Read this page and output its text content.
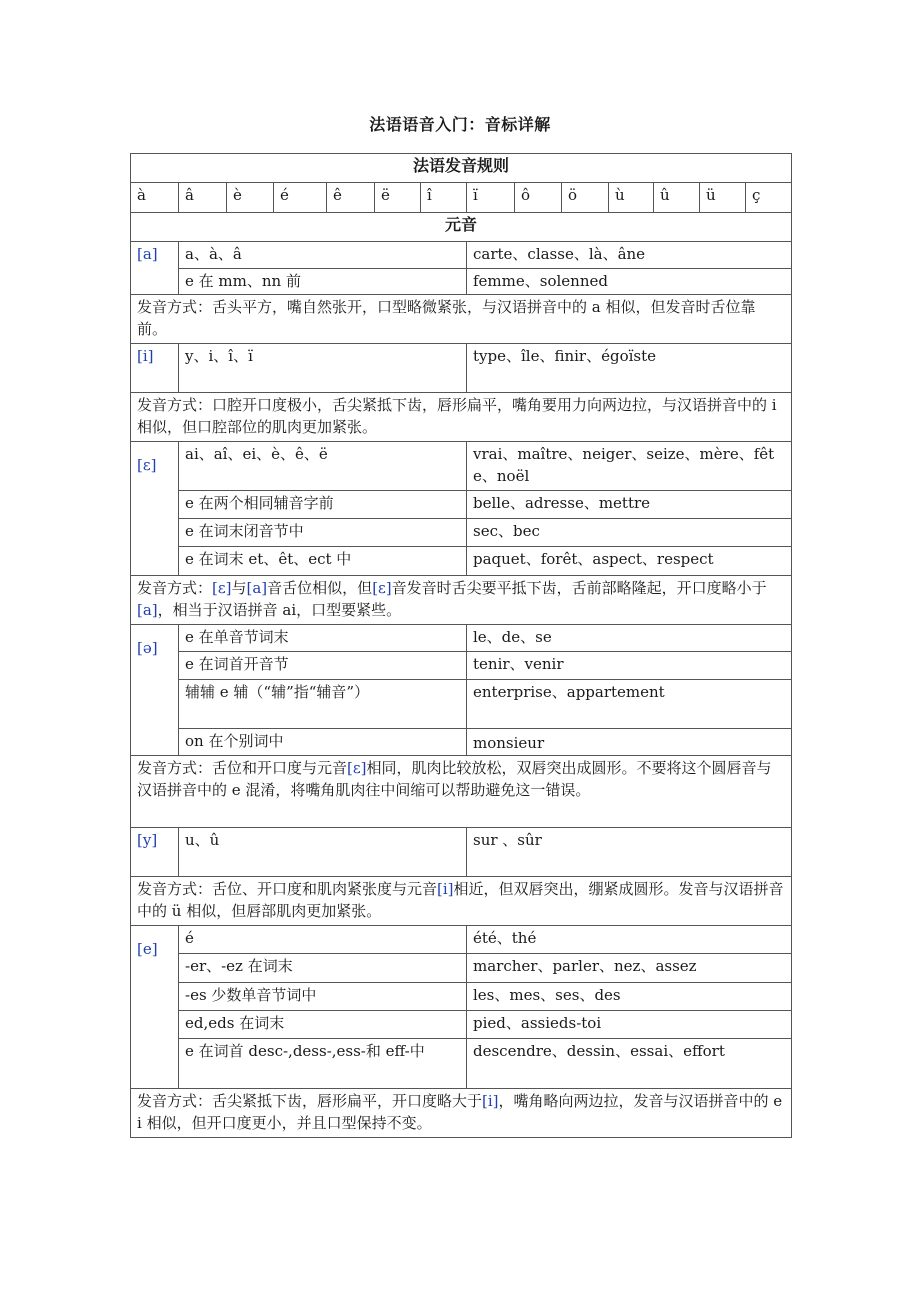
法语语音入门：音标详解
法语发音规则													
à	â	è	é	ê	ë	î	ï	ô	ö	ù	û	ü	ç
元音													
[a]	a、à、â						carte、classe、là、âne						
	e 在 mm、nn 前						femme、solenned						
发音方式：舌头平方，嘴自然张开，口型略微紧张，与汉语拼音中的 a 相似，但发音时舌位靠前。													
[i]	y、i、î、ï						type、île、finir、égoïste						
发音方式：口腔开口度极小，舌尖紧抵下齿，唇形扁平，嘴角要用力向两边拉，与汉语拼音中的 i 相似，但口腔部位的肌肉更加紧张。													
[ε]	ai、aî、ei、è、ê、ë						vrai、maître、neiger、seize、mère、fête、noël						
	e 在两个相同辅音字前						belle、adresse、mettre						
	e 在词末闭音节中						sec、bec						
	e 在词末 et、êt、ect 中						paquet、forêt、aspect、respect						
发音方式：[ε]与[a]音舌位相似，但[ε]音发音时舌尖要平抵下齿，舌前部略隆起，开口度略小于[a]，相当于汉语拼音 ai，口型要紧些。													
[ə]	e 在单音节词末						le、de、se						
	e 在词首开音节						tenir、venir						
	辅辅 e 辅（“辅”指“辅音”）						enterprise、appartement						
	on 在个别词中						monsieur						
发音方式：舌位和开口度与元音[ε]相同，肌肉比较放松，双唇突出成圆形。不要将这个圆唇音与汉语拼音中的 e 混淆，将嘴角肌肉往中间缩可以帮助避免这一错误。													
[y]	u、û						sur 、sûr						
发音方式：舌位、开口度和肌肉紧张度与元音[i]相近，但双唇突出，绷紧成圆形。发音与汉语拼音中的 ü 相似，但唇部肌肉更加紧张。													
[e]	é						été、thé						
	-er、-ez 在词末						marcher、parler、nez、assez						
	-es 少数单音节词中						les、mes、ses、des						
	ed,eds 在词末						pied、assieds-toi						
	e 在词首 desc-,dess-,ess-和 eff-中						descendre、dessin、essai、effort						
发音方式：舌尖紧抵下齿，唇形扁平，开口度略大于[i]，嘴角略向两边拉，发音与汉语拼音中的 ei 相似，但开口度更小，并且口型保持不变。													
